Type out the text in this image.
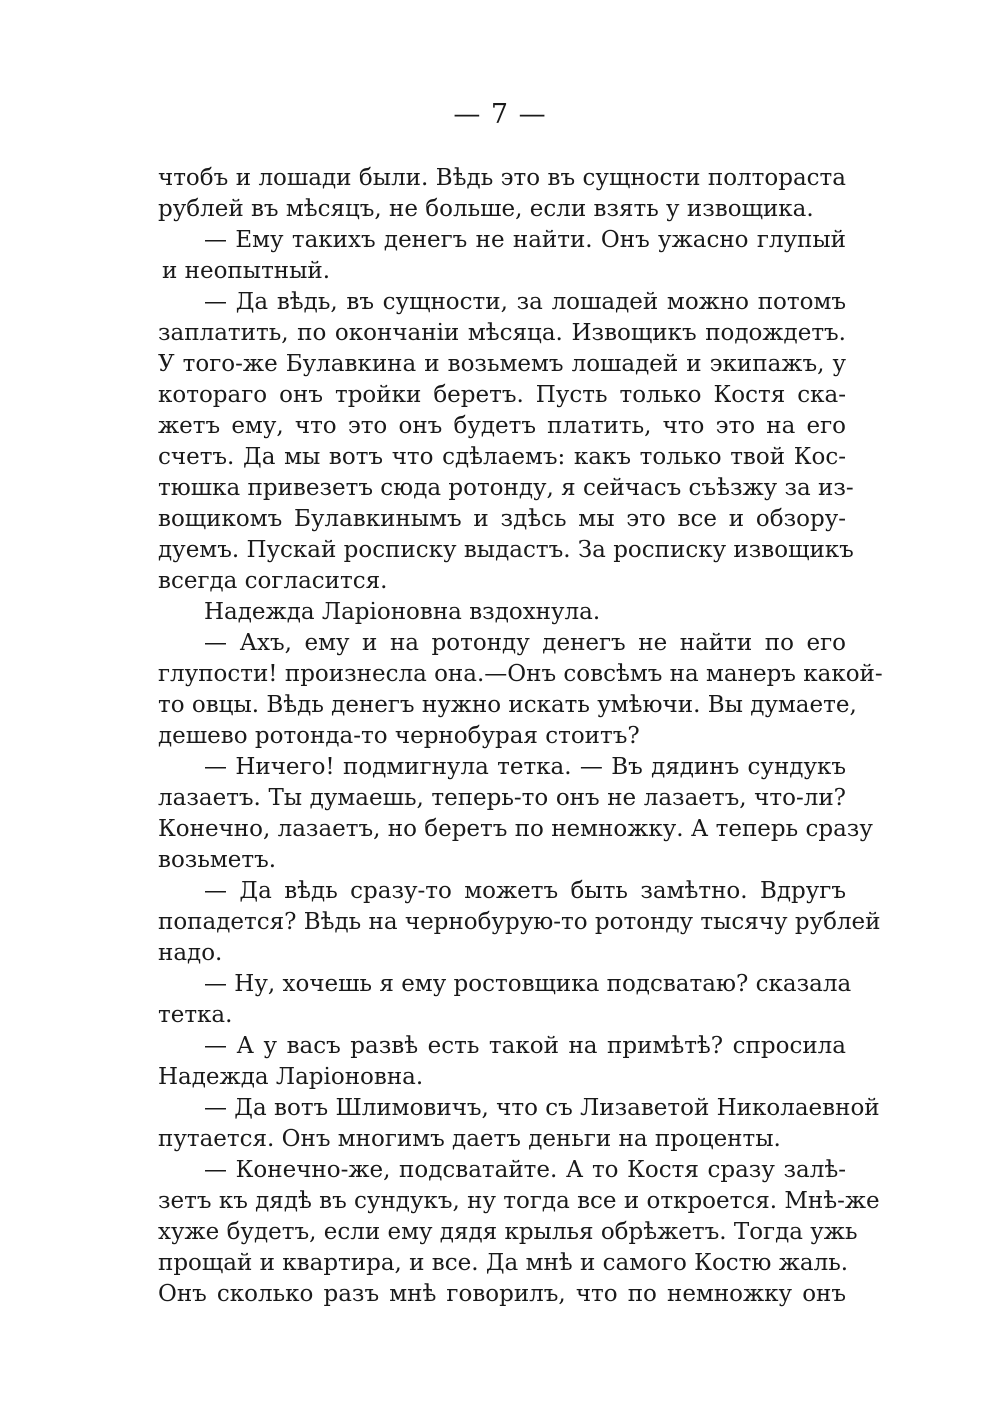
— 7 —
чтобъ и лошади были. Вѣдь это въ сущности полтораста
рублей въ мѣсяцъ, не больше, если взять у извощика.
— Ему такихъ денегъ не найти. Онъ ужасно глупый
и неопытный.
— Да вѣдь, въ сущности, за лошадей можно потомъ
заплатить, по окончаніи мѣсяца. Извощикъ подождетъ.
У того-же Булавкина и возьмемъ лошадей и экипажъ, у
котораго онъ тройки беретъ. Пусть только Костя ска-
жетъ ему, что это онъ будетъ платить, что это на его
счетъ. Да мы вотъ что сдѣлаемъ: какъ только твой Кос-
тюшка привезетъ сюда ротонду, я сейчасъ съѣзжу за из-
вощикомъ Булавкинымъ и здѣсь мы это все и обзору-
дуемъ. Пускай росписку выдастъ. За росписку извощикъ
всегда согласится.
Надежда Ларіоновна вздохнула.
— Ахъ, ему и на ротонду денегъ не найти по его
глупости! произнесла она.—Онъ совсѣмъ на манеръ какой-
то овцы. Вѣдь денегъ нужно искать умѣючи. Вы думаете,
дешево ротонда-то чернобурая стоитъ?
— Ничего! подмигнула тетка. — Въ дядинъ сундукъ
лазаетъ. Ты думаешь, теперь-то онъ не лазаетъ, что-ли?
Конечно, лазаетъ, но беретъ по немножку. А теперь сразу
возьметъ.
— Да вѣдь сразу-то можетъ быть замѣтно. Вдругъ
попадется? Вѣдь на чернобурую-то ротонду тысячу рублей
надо.
— Ну, хочешь я ему ростовщика подсватаю? сказала
тетка.
— А у васъ развѣ есть такой на примѣтѣ? спросила
Надежда Ларіоновна.
— Да вотъ Шлимовичъ, что съ Лизаветой Николаевной
путается. Онъ многимъ даетъ деньги на проценты.
— Конечно-же, подсватайте. А то Костя сразу залѣ-
зетъ къ дядѣ въ сундукъ, ну тогда все и откроется. Мнѣ-же
хуже будетъ, если ему дядя крылья обрѣжетъ. Тогда ужь
прощай и квартира, и все. Да мнѣ и самого Костю жаль.
Онъ сколько разъ мнѣ говорилъ, что по немножку онъ
